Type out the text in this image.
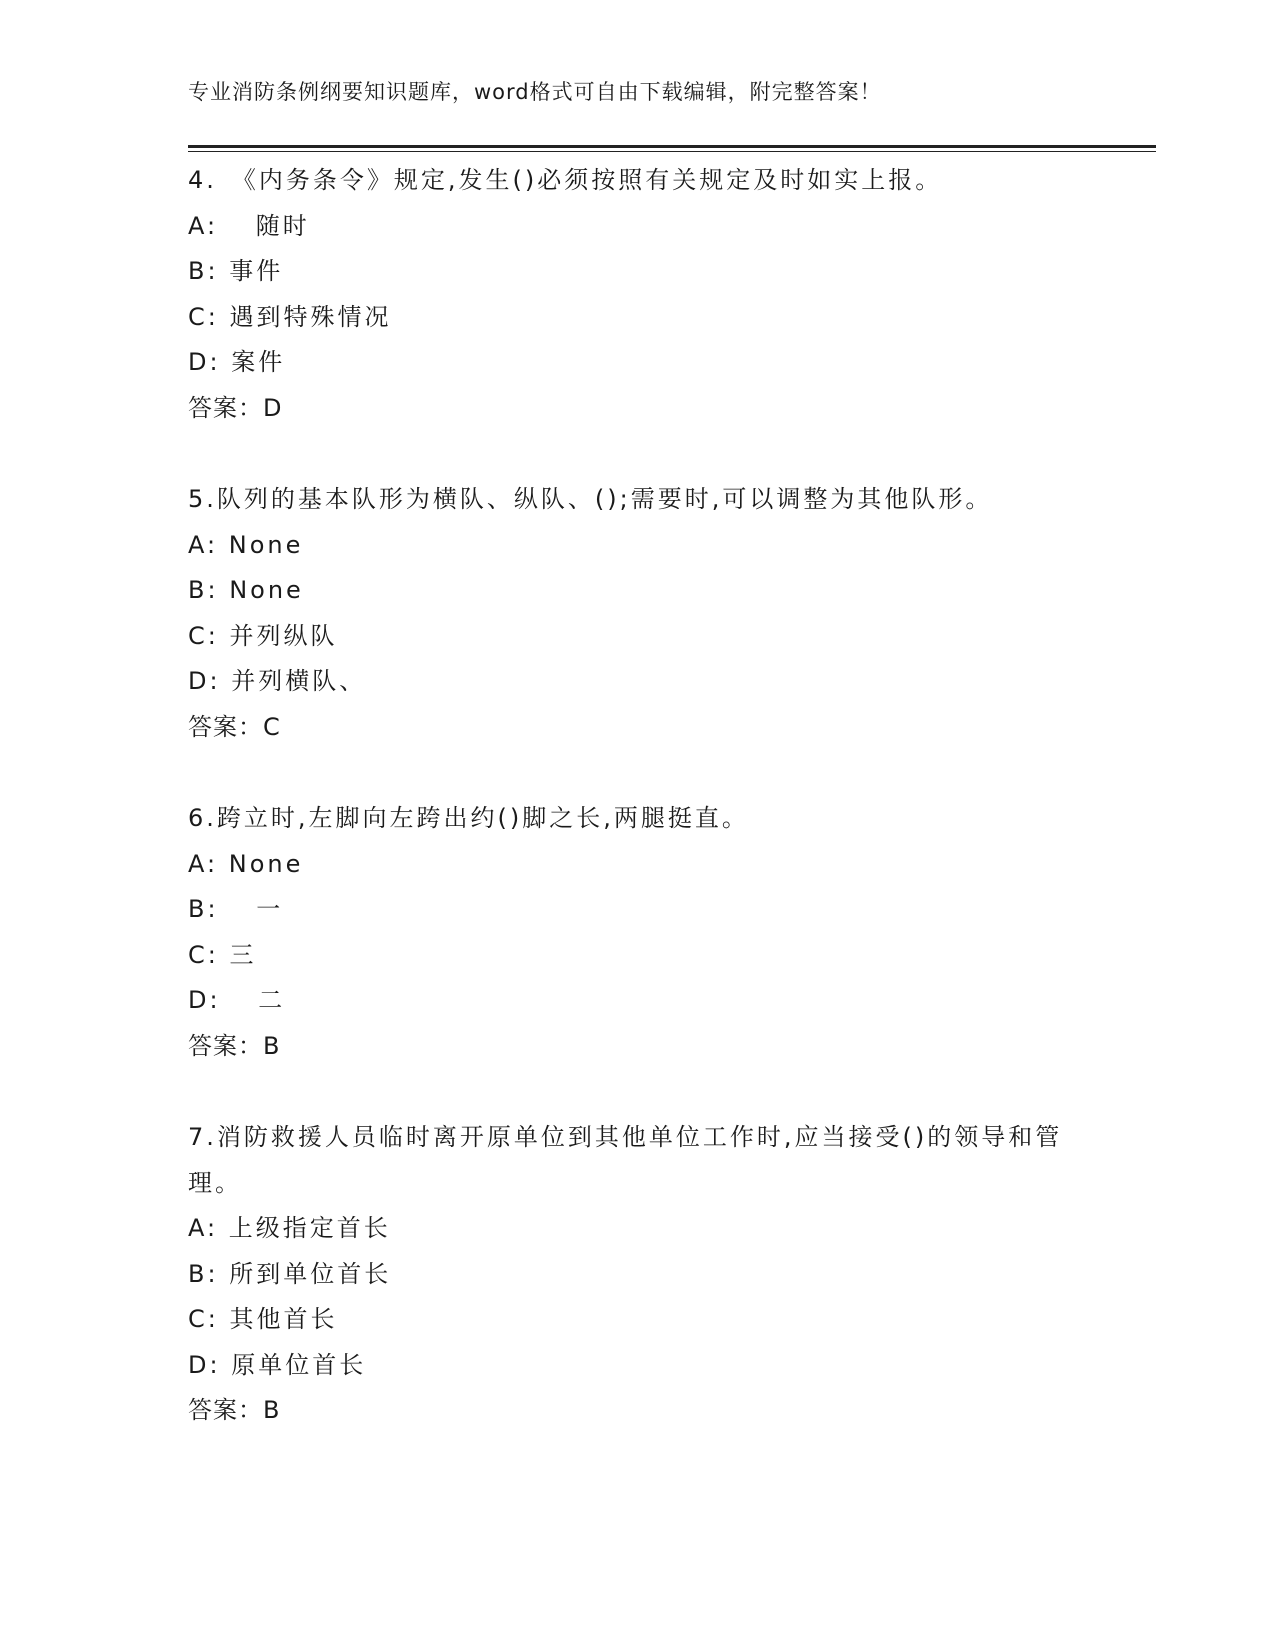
专业消防条例纲要知识题库，word格式可自由下载编辑，附完整答案！
4.　《内务条令》规定,发生()必须按照有关规定及时如实上报。
A: 　随时
B: 事件
C: 遇到特殊情况
D: 案件
答案：D
5.队列的基本队形为横队、纵队、();需要时,可以调整为其他队形。
A: None
B: None
C: 并列纵队
D: 并列横队、
答案：C
6.跨立时,左脚向左跨出约()脚之长,两腿挺直。
A: None
B: 　一
C: 三
D: 　二
答案：B
7.消防救援人员临时离开原单位到其他单位工作时,应当接受()的领导和管理。
A: 上级指定首长
B: 所到单位首长
C: 其他首长
D: 原单位首长
答案：B
